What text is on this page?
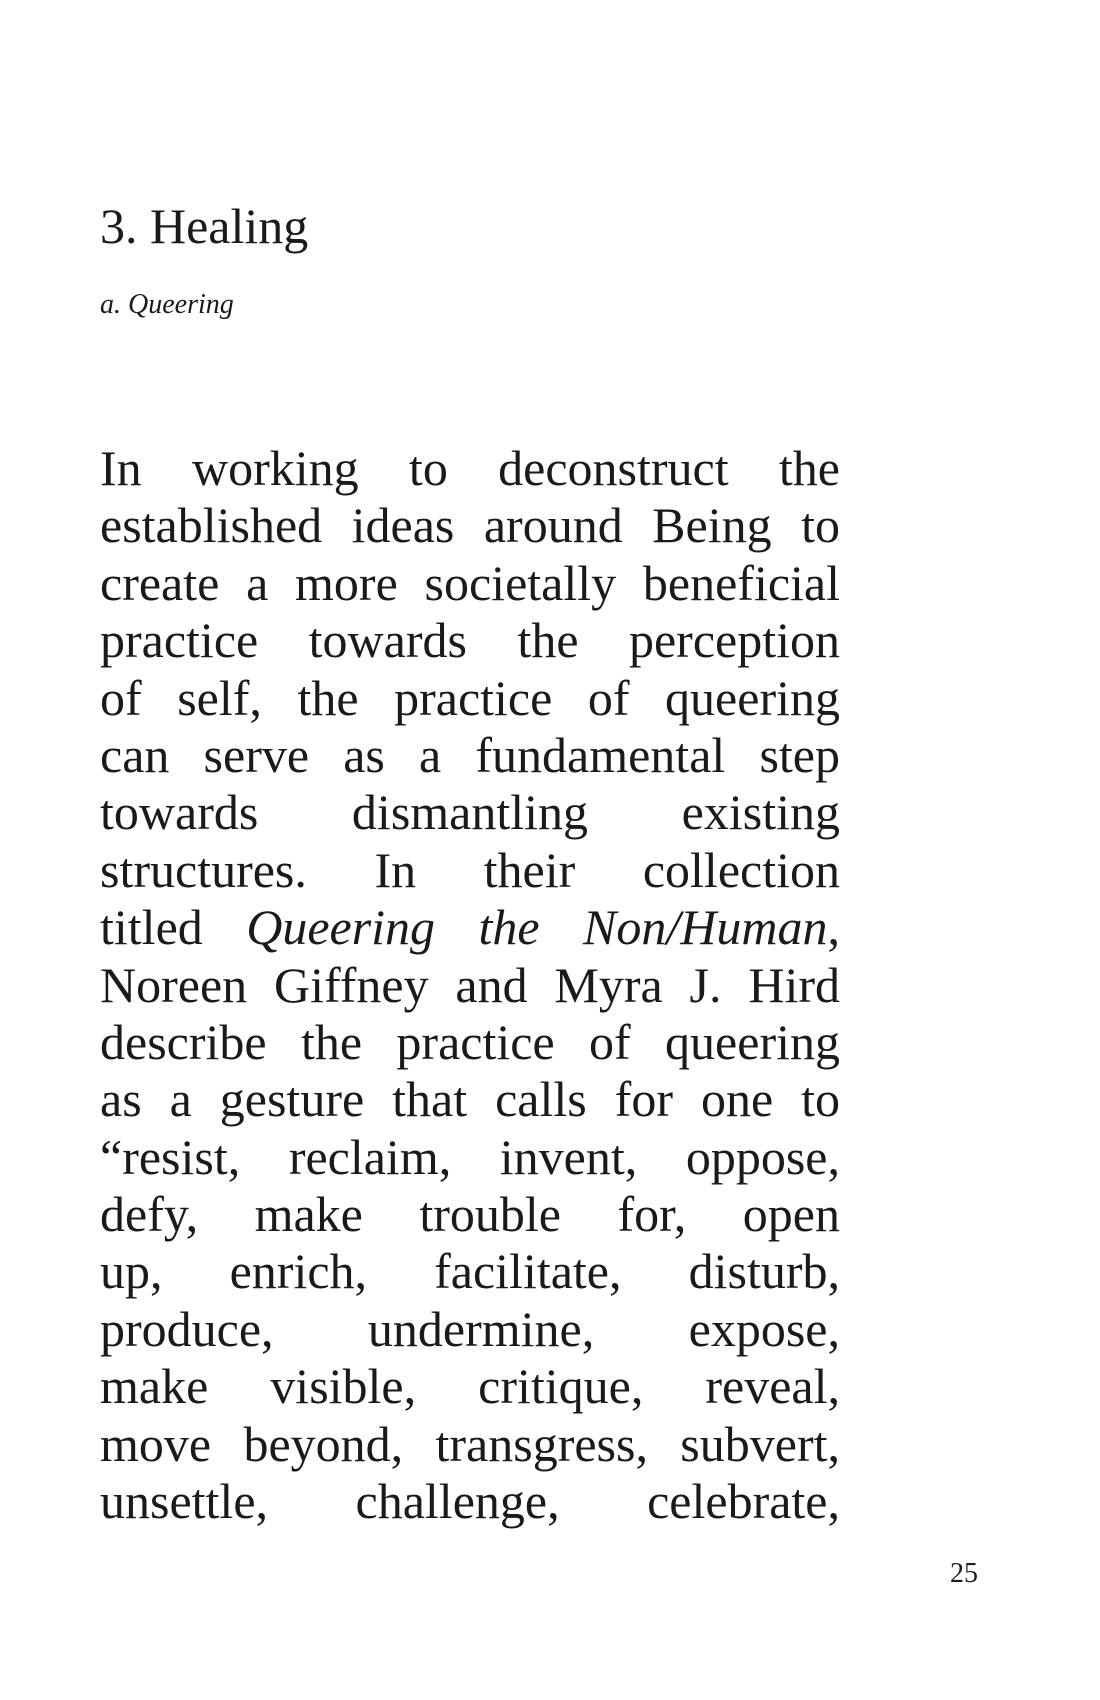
3. Healing
a. Queering
In working to deconstruct the
established ideas around Being to
create a more societally beneficial
practice towards the perception
of self, the practice of queering
can serve as a fundamental step
towards dismantling existing
structures. In their collection
titled Queering the Non/Human,
Noreen Giffney and Myra J. Hird
describe the practice of queering
as a gesture that calls for one to
“resist, reclaim, invent, oppose,
defy, make trouble for, open
up, enrich, facilitate, disturb,
produce, undermine, expose,
make visible, critique, reveal,
move beyond, transgress, subvert,
unsettle, challenge, celebrate,
25
